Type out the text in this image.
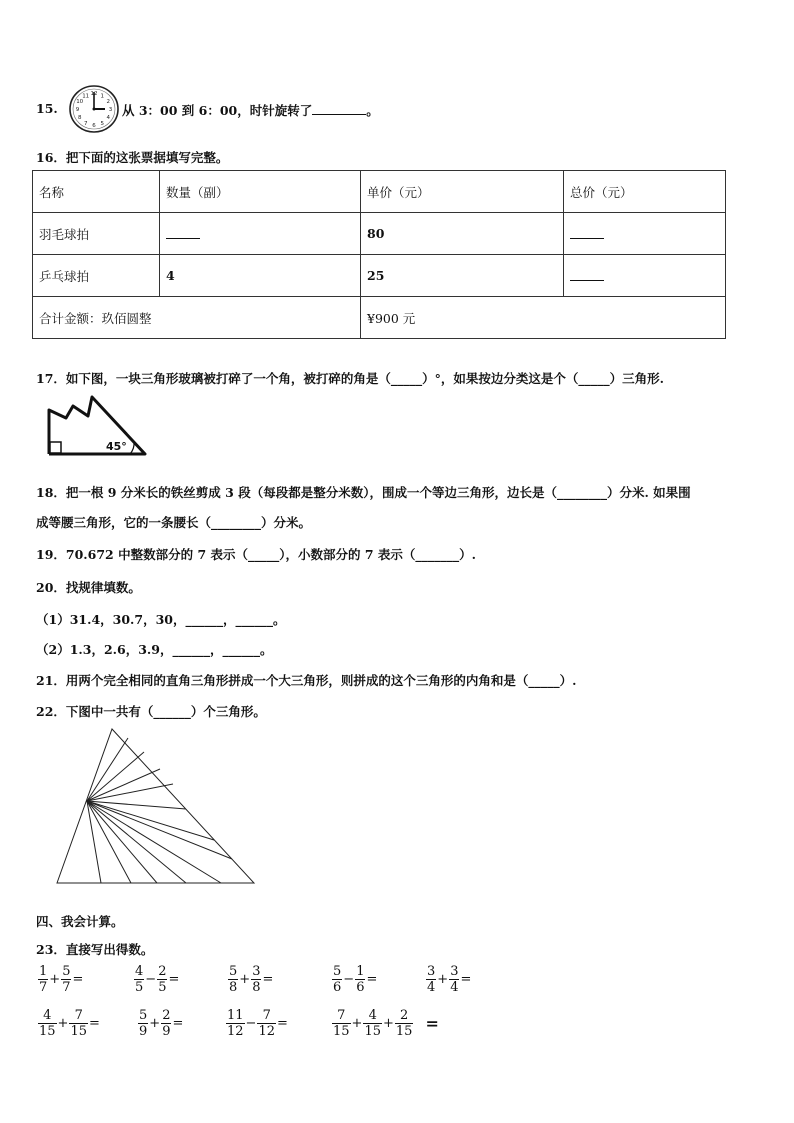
15.
12 1
2
3
4
5
6
7
8
9
10
11
从 3：00 到 6：00，时针旋转了	。
16．把下面的这张票据填写完整。
名称	数量（副）	单价（元）	总价（元）
羽毛球拍		80	
乒乓球拍	4	25	
合计金额：玖佰圆整		¥900 元	
17．如下图，一块三角形玻璃被打碎了一个角，被打碎的角是（_____）°，如果按边分类这是个（_____）三角形.
45°
18．把一根 9 分米长的铁丝剪成 3 段（每段都是整分米数），围成一个等边三角形，边长是（________）分米. 如果围
成等腰三角形，它的一条腰长（________）分米。
19．70.672 中整数部分的 7 表示（_____），小数部分的 7 表示（_______）.
20．找规律填数。
（1）31.4，30.7，30，______，______。
（2）1.3，2.6，3.9，______，______。
21．用两个完全相同的直角三角形拼成一个大三角形，则拼成的这个三角形的内角和是（_____）.
22．下图中一共有（______）个三角形。
四、我会计算。
23．直接写出得数。
$\frac{1}{7} + \frac{5}{7}$ =	$\frac{4}{5} - \frac{2}{5}$ =	$\frac{5}{8} + \frac{3}{8}$ =	$\frac{5}{6} - \frac{1}{6}$ =	$\frac{3}{4} + \frac{3}{4}$ =
$\frac{4}{15} + \frac{7}{15}$ =	$\frac{5}{9} + \frac{2}{9}$ =	$\frac{11}{12} - \frac{7}{12}$ =	$\frac{7}{15} + \frac{4}{15} + \frac{2}{15}$ =
